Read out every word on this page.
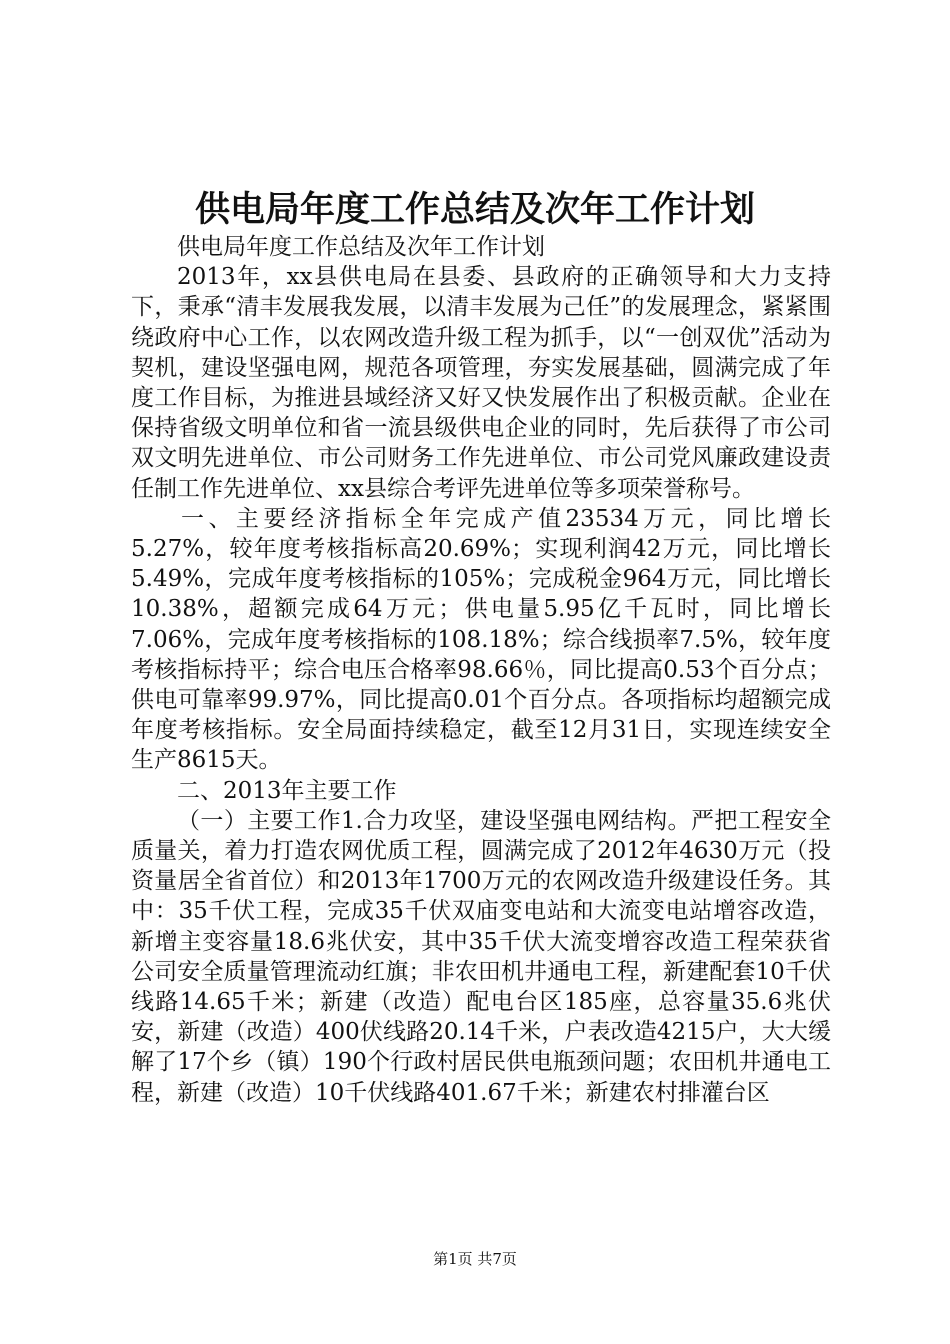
供电局年度工作总结及次年工作计划

供电局年度工作总结及次年工作计划

2013年，xx县供电局在县委、县政府的正确领导和大力支持下，秉承“清丰发展我发展，以清丰发展为己任”的发展理念，紧紧围绕政府中心工作，以农网改造升级工程为抓手，以“一创双优”活动为契机，建设坚强电网，规范各项管理，夯实发展基础，圆满完成了年度工作目标，为推进县域经济又好又快发展作出了积极贡献。企业在保持省级文明单位和省一流县级供电企业的同时，先后获得了市公司双文明先进单位、市公司财务工作先进单位、市公司党风廉政建设责任制工作先进单位、xx县综合考评先进单位等多项荣誉称号。

一、主要经济指标全年完成产值23534万元，同比增长5.27%，较年度考核指标高20.69%；实现利润42万元，同比增长5.49%，完成年度考核指标的105%；完成税金964万元，同比增长10.38%，超额完成64万元；供电量5.95亿千瓦时，同比增长7.06%，完成年度考核指标的108.18%；综合线损率7.5%，较年度考核指标持平；综合电压合格率98.66％，同比提高0.53个百分点；供电可靠率99.97%，同比提高0.01个百分点。各项指标均超额完成年度考核指标。安全局面持续稳定，截至12月31日，实现连续安全生产8615天。

二、2013年主要工作

（一）主要工作1.合力攻坚，建设坚强电网结构。严把工程安全质量关，着力打造农网优质工程，圆满完成了2012年4630万元（投资量居全省首位）和2013年1700万元的农网改造升级建设任务。其中：35千伏工程，完成35千伏双庙变电站和大流变电站增容改造，新增主变容量18.6兆伏安，其中35千伏大流变增容改造工程荣获省公司安全质量管理流动红旗；非农田机井通电工程，新建配套10千伏线路14.65千米；新建（改造）配电台区185座，总容量35.6兆伏安，新建（改造）400伏线路20.14千米，户表改造4215户，大大缓解了17个乡（镇）190个行政村居民供电瓶颈问题；农田机井通电工程，新建（改造）10千伏线路401.67千米；新建农村排灌台区

第1页 共7页
